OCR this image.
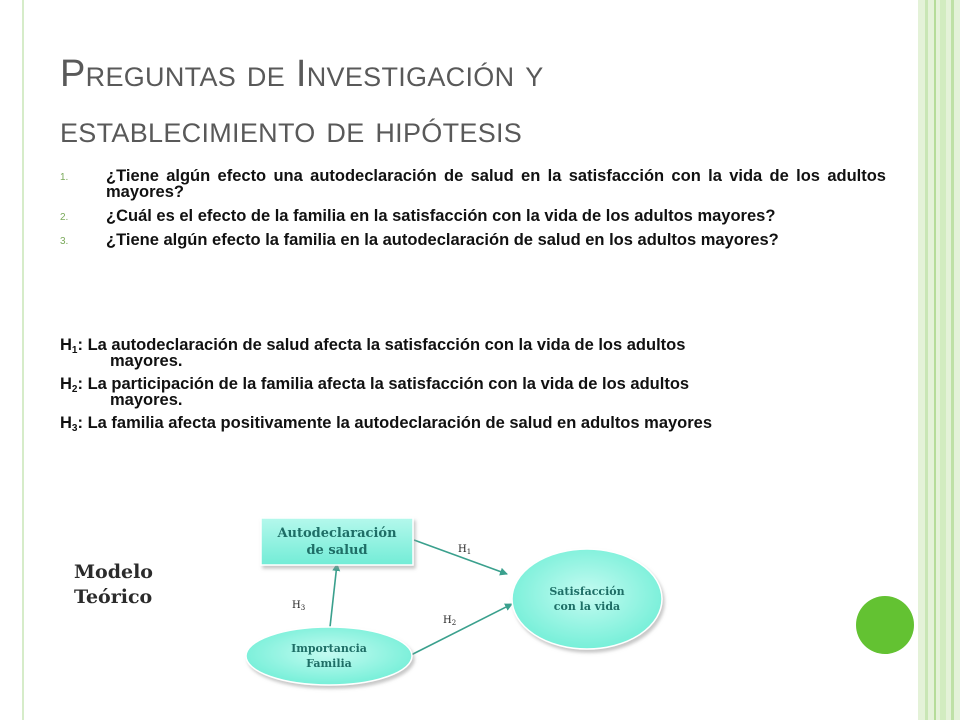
Preguntas de Investigación y
establecimiento de hipótesis
1. ¿Tiene algún efecto una autodeclaración de salud en la satisfacción con la vida de los adultos mayores?
2. ¿Cuál es el efecto de la familia en la satisfacción con la vida de los adultos mayores?
3. ¿Tiene algún efecto la familia en la autodeclaración de salud en los adultos mayores?
$H_1$: La autodeclaración de salud afecta la satisfacción con la vida de los adultos
mayores.
$H_2$: La participación de la familia afecta la satisfacción con la vida de los adultos
mayores.
$H_3$: La familia afecta positivamente la autodeclaración de salud en adultos mayores
Modelo
Teórico
Autodeclaración
de salud
Satisfacción
con la vida
Importancia
Familia
$H_1$
$H_2$
$H_3$
